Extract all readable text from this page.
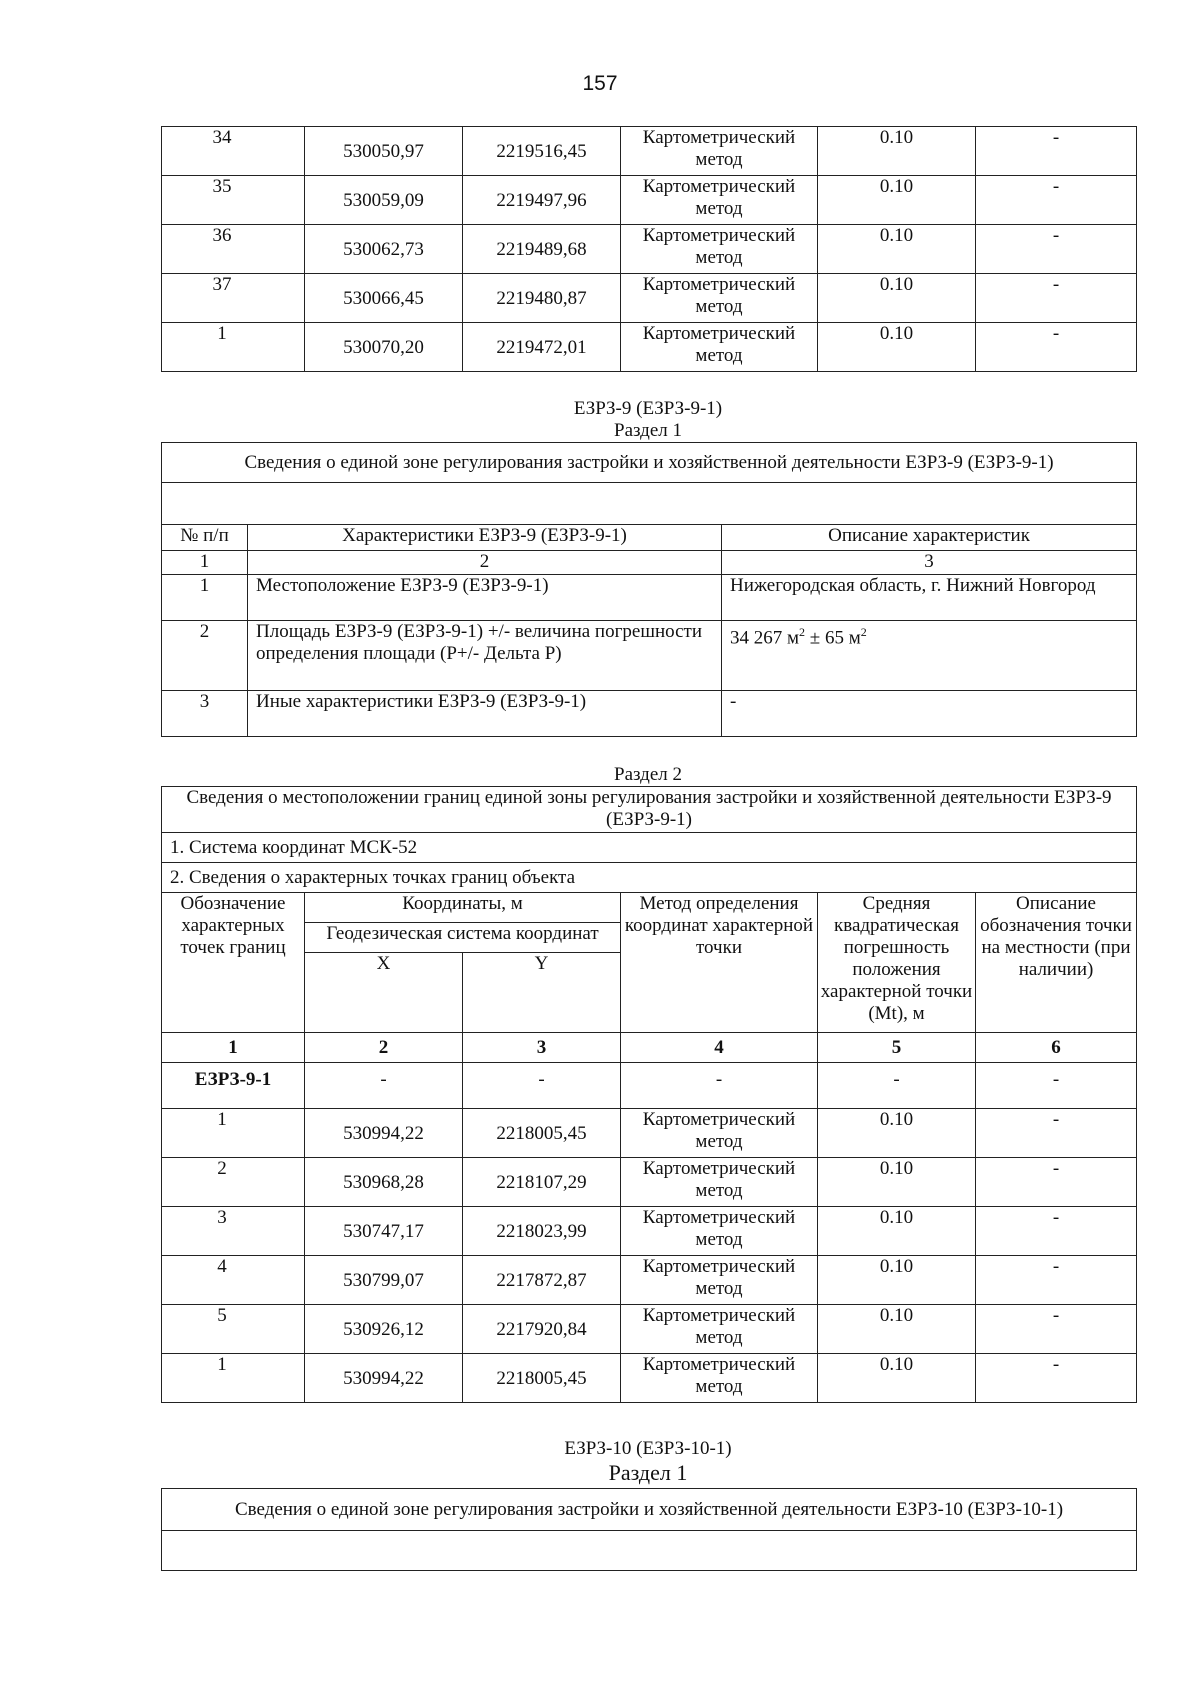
157
34	530050,97	2219516,45	Картометрический метод	0.10	-
35	530059,09	2219497,96	Картометрический метод	0.10	-
36	530062,73	2219489,68	Картометрический метод	0.10	-
37	530066,45	2219480,87	Картометрический метод	0.10	-
1	530070,20	2219472,01	Картометрический метод	0.10	-
ЕЗРЗ-9 (ЕЗРЗ-9-1)
Раздел 1
Сведения о единой зоне регулирования застройки и хозяйственной деятельности ЕЗРЗ-9 (ЕЗРЗ-9-1)		

№ п/п	Характеристики ЕЗРЗ-9 (ЕЗРЗ-9-1)	Описание характеристик
1	2	3
1	Местоположение ЕЗРЗ-9 (ЕЗРЗ-9-1)	Нижегородская область, г. Нижний Новгород
2	Площадь ЕЗРЗ-9 (ЕЗРЗ-9-1) +/- величина погрешности определения площади (Р+/- Дельта Р)	34 267 $м^2 \pm 65$ $м^2$
3	Иные характеристики ЕЗРЗ-9 (ЕЗРЗ-9-1)	-
Раздел 2
Сведения о местоположении границ единой зоны регулирования застройки и хозяйственной деятельности ЕЗРЗ-9 (ЕЗРЗ-9-1)					
1. Система координат МСК-52					
2. Сведения о характерных точках границ объекта					
Обозначение характерных точек границ	Координаты, м		Метод определения координат характерной точки	Средняя квадратическая погрешность положения характерной точки (Mt), м	Описание обозначения точки на местности (при наличии)
	Геодезическая система координат				
	X	Y			
1	2	3	4	5	6
ЕЗРЗ-9-1	-	-	-	-	-
1	530994,22	2218005,45	Картометрический метод	0.10	-
2	530968,28	2218107,29	Картометрический метод	0.10	-
3	530747,17	2218023,99	Картометрический метод	0.10	-
4	530799,07	2217872,87	Картометрический метод	0.10	-
5	530926,12	2217920,84	Картометрический метод	0.10	-
1	530994,22	2218005,45	Картометрический метод	0.10	-
ЕЗРЗ-10 (ЕЗРЗ-10-1)
Раздел 1
Сведения о единой зоне регулирования застройки и хозяйственной деятельности ЕЗРЗ-10 (ЕЗРЗ-10-1)
